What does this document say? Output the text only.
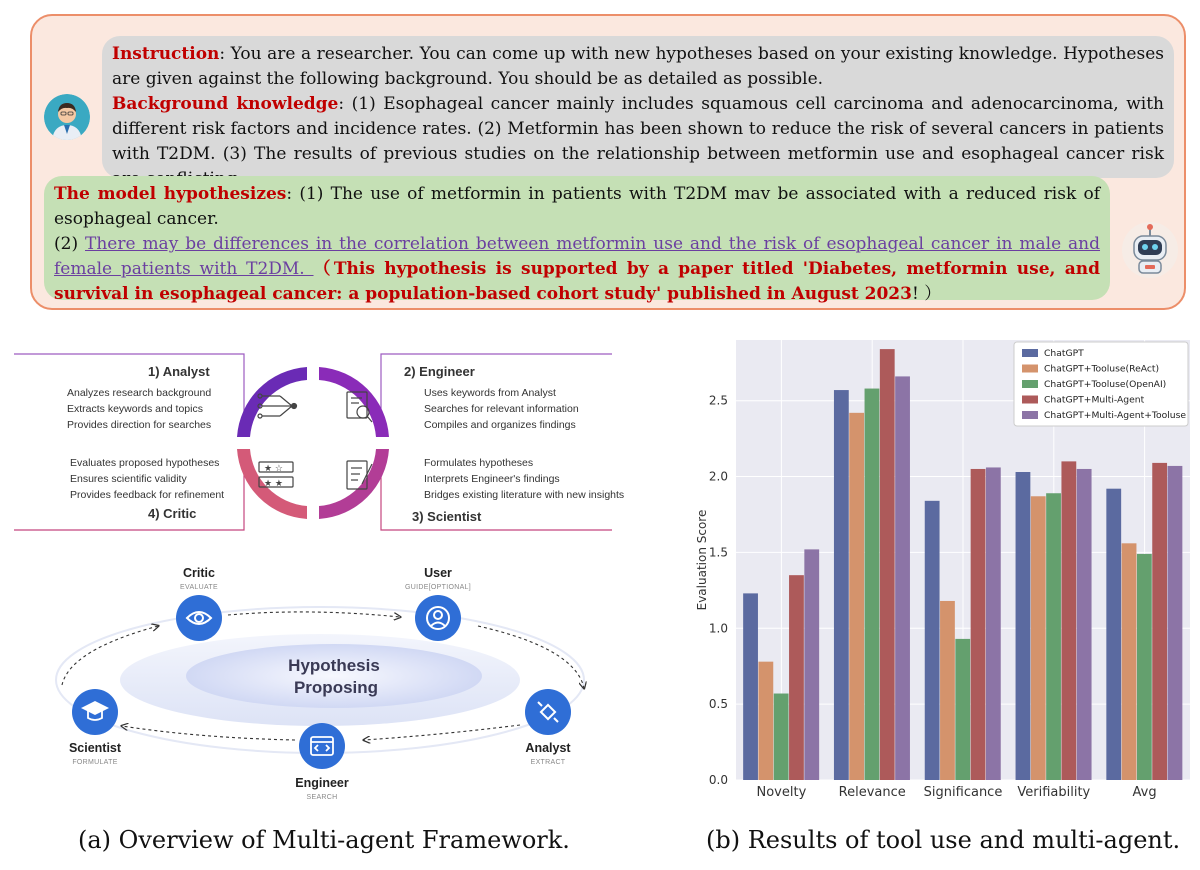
Instruction: You are a researcher. You can come up with new hypotheses based on your existing knowledge. Hypotheses are given against the following background. You should be as detailed as possible.
Background knowledge: (1) Esophageal cancer mainly includes squamous cell carcinoma and adenocarcinoma, with different risk factors and incidence rates. (2) Metformin has been shown to reduce the risk of several cancers in patients with T2DM. (3) The results of previous studies on the relationship between metformin use and esophageal cancer risk
The model hypothesizes: (1) The use of metformin in patients with T2DM mav be associated with a reduced risk of esophageal cancer.
(2) There may be differences in the correlation between metformin use and the risk of esophageal cancer in male and female patients with T2DM. （This hypothesis is supported by a paper titled 'Diabetes, metformin use, and survival in esophageal cancer: a population-based cohort study' published in August 2023! ）
★ ☆
★ ★
1) Analyst
Analyzes research background
Extracts keywords and topics
Provides direction for searches
2) Engineer
Uses keywords from Analyst
Searches for relevant information
Compiles and organizes findings
Formulates hypotheses
Interprets Engineer's findings
Bridges existing literature with new insights
3) Scientist
Evaluates proposed hypotheses
Ensures scientific validity
Provides feedback for refinement
4) Critic
Hypothesis
Proposing
Critic
EVALUATE
User
GUIDE[OPTIONAL]
Analyst
EXTRACT
Engineer
SEARCH
Scientist
FORMULATE
0.0
0.5
1.0
1.5
2.0
2.5
Novelty Relevance Significance Verifiability	Avg
Evaluation Score
ChatGPT
ChatGPT+Tooluse(ReAct)
ChatGPT+Tooluse(OpenAI)
ChatGPT+Multi-Agent
ChatGPT+Multi-Agent+Tooluse
(a) Overview of Multi-agent Framework.	(b) Results of tool use and multi-agent.
